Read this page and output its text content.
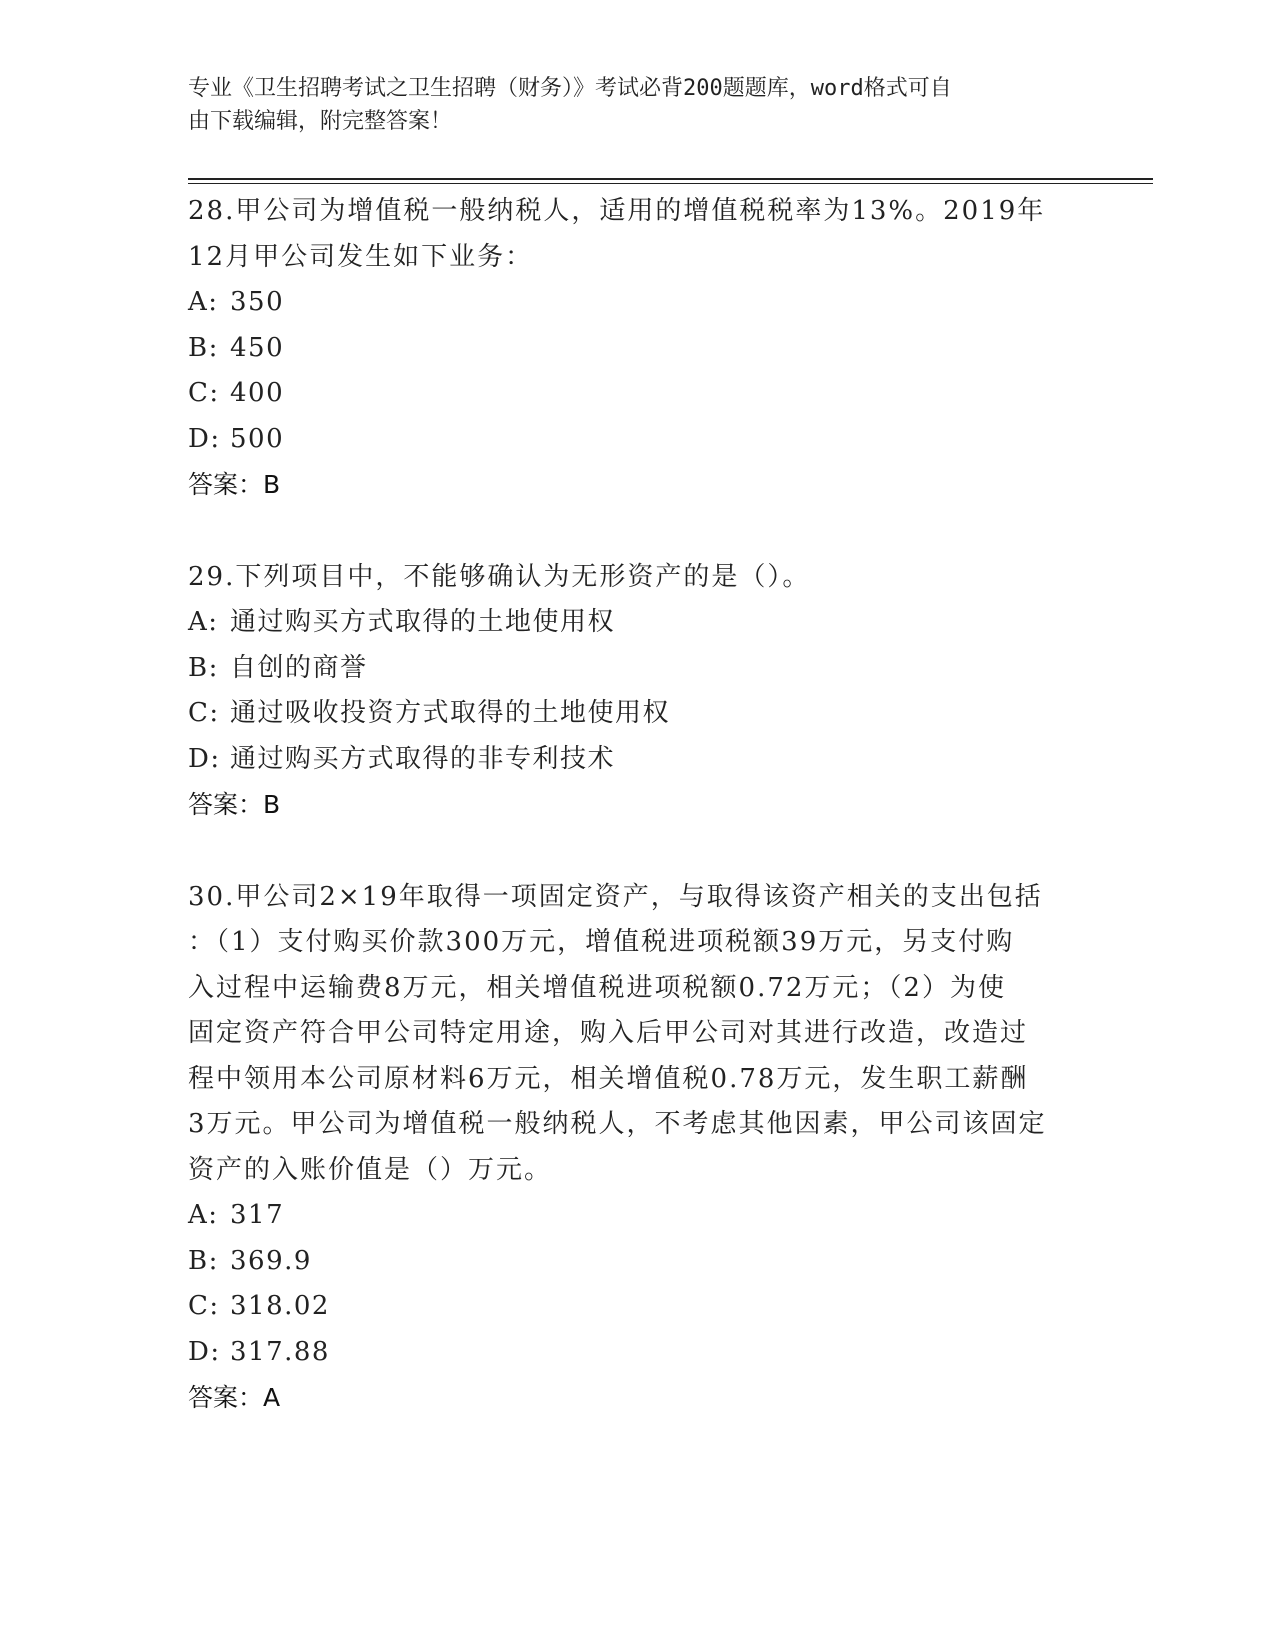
专业《卫生招聘考试之卫生招聘（财务）》考试必背200题题库，word格式可自
由下载编辑，附完整答案！

28.甲公司为增值税一般纳税人，适用的增值税税率为13%。2019年

12月甲公司发生如下业务：

A: 350

B: 450

C: 400

D: 500

答案：B

29.下列项目中，不能够确认为无形资产的是（）。

A: 通过购买方式取得的土地使用权

B: 自创的商誉

C: 通过吸收投资方式取得的土地使用权

D: 通过购买方式取得的非专利技术

答案：B

30.甲公司2×19年取得一项固定资产，与取得该资产相关的支出包括

：（1）支付购买价款300万元，增值税进项税额39万元，另支付购

入过程中运输费8万元，相关增值税进项税额0.72万元；（2）为使

固定资产符合甲公司特定用途，购入后甲公司对其进行改造，改造过

程中领用本公司原材料6万元，相关增值税0.78万元，发生职工薪酬

3万元。甲公司为增值税一般纳税人，不考虑其他因素，甲公司该固定

资产的入账价值是（）万元。

A: 317

B: 369.9

C: 318.02

D: 317.88

答案：A
